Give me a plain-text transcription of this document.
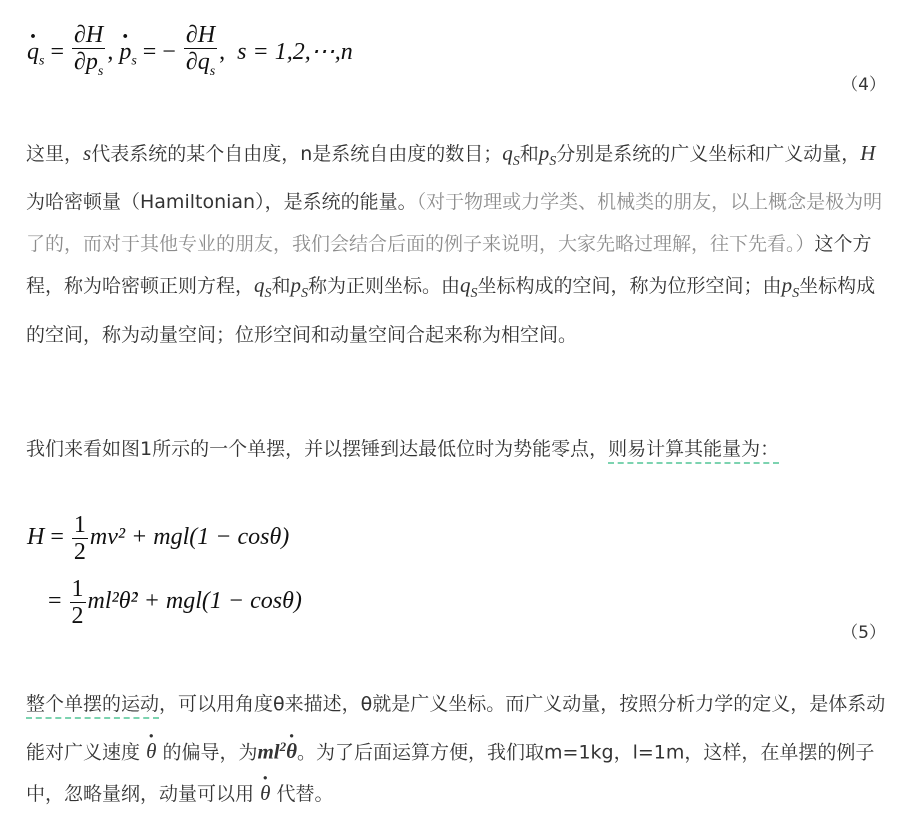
$q \cdot_s = \frac{\partial H}{\partial p_s}$ , $p \cdot_s$ = − $\frac{\partial H}{\partial q_s}$ , s = 1,2,⋯,n
（4）

这里，s代表系统的某个自由度，n是系统自由度的数目；$q_S$和$p_S$分别是系统的广义坐标和广义动量，H为哈密顿量（Hamiltonian），是系统的能量。（对于物理或力学类、机械类的朋友，以上概念是极为明了的，而对于其他专业的朋友，我们会结合后面的例子来说明，大家先略过理解，往下先看。）这个方程，称为哈密顿正则方程，$q_S$和$p_S$称为正则坐标。由$q_S$坐标构成的空间，称为位形空间；由$p_S$坐标构成的空间，称为动量空间；位形空间和动量空间合起来称为相空间。

我们来看如图1所示的一个单摆，并以摆锤到达最低位时为势能零点，则易计算其能量为：

$H = \frac{1}{2} mv^2 + mgl(1 - \cos\theta)$
= $\frac{1}{2}$ ml²θ̇² + mgl(1 − cosθ)
（5）

整个单摆的运动，可以用角度θ来描述，θ就是广义坐标。而广义动量，按照分析力学的定义，是体系动能对广义速度 θ · 的偏导，为$ml^2\theta$ ·。为了后面运算方便，我们取m=1kg，l=1m，这样，在单摆的例子中，忽略量纲，动量可以用 θ · 代替。
